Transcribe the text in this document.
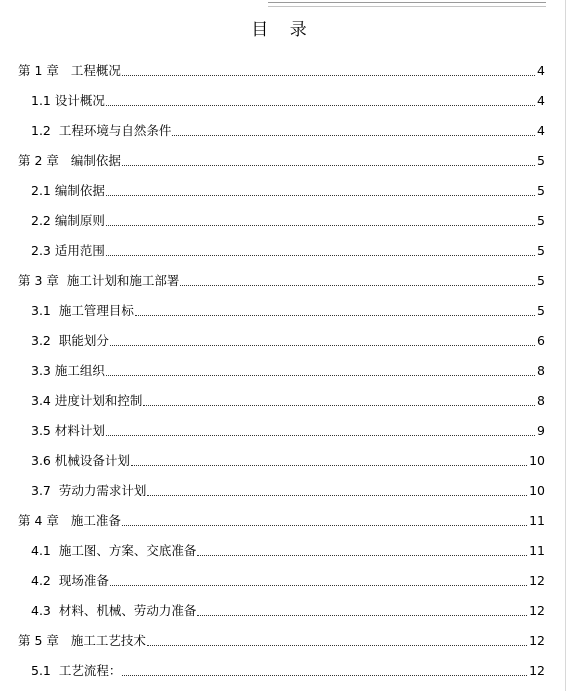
目 录
第 1 章   工程概况	4
1.1 设计概况	4
1.2  工程环境与自然条件	4
第 2 章   编制依据	5
2.1 编制依据	5
2.2 编制原则	5
2.3 适用范围	5
第 3 章  施工计划和施工部署	5
3.1  施工管理目标	5
3.2  职能划分	6
3.3 施工组织	8
3.4 进度计划和控制	8
3.5 材料计划	9
3.6 机械设备计划	10
3.7  劳动力需求计划	10
第 4 章   施工准备	11
4.1  施工图、方案、交底准备	11
4.2  现场准备	12
4.3  材料、机械、劳动力准备	12
第 5 章   施工工艺技术	12
5.1  工艺流程：	12
